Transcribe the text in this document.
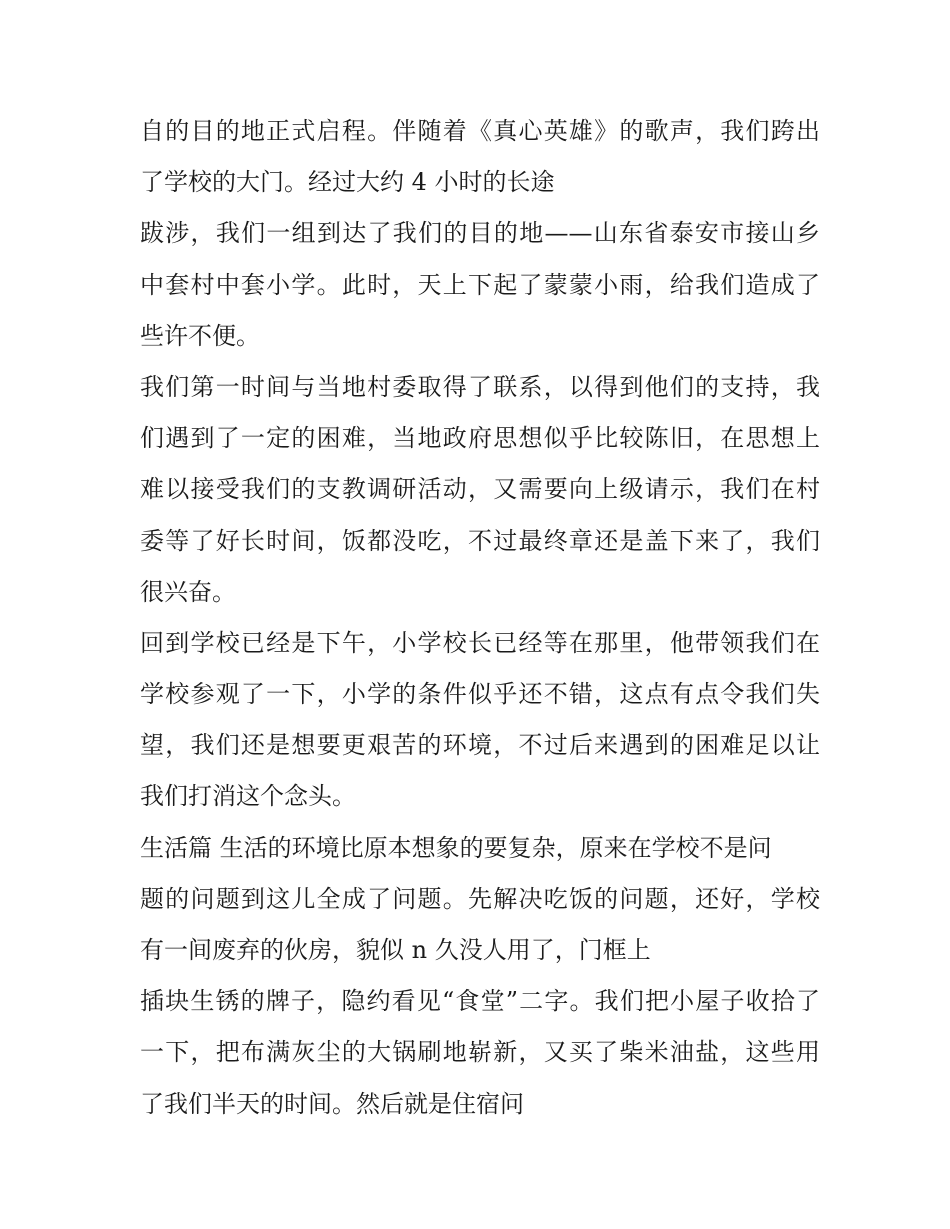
自的目的地正式启程。伴随着《真心英雄》的歌声，我们跨出
了学校的大门。经过大约 4 小时的长途
跋涉，我们一组到达了我们的目的地——山东省泰安市接山乡
中套村中套小学。此时，天上下起了蒙蒙小雨，给我们造成了
些许不便。
我们第一时间与当地村委取得了联系，以得到他们的支持，我
们遇到了一定的困难，当地政府思想似乎比较陈旧，在思想上
难以接受我们的支教调研活动，又需要向上级请示，我们在村
委等了好长时间，饭都没吃，不过最终章还是盖下来了，我们
很兴奋。
回到学校已经是下午，小学校长已经等在那里，他带领我们在
学校参观了一下，小学的条件似乎还不错，这点有点令我们失
望，我们还是想要更艰苦的环境，不过后来遇到的困难足以让
我们打消这个念头。
生活篇 生活的环境比原本想象的要复杂，原来在学校不是问
题的问题到这儿全成了问题。先解决吃饭的问题，还好，学校
有一间废弃的伙房，貌似 n 久没人用了，门框上
插块生锈的牌子，隐约看见“食堂”二字。我们把小屋子收拾了
一下，把布满灰尘的大锅刷地崭新，又买了柴米油盐，这些用
了我们半天的时间。然后就是住宿问
